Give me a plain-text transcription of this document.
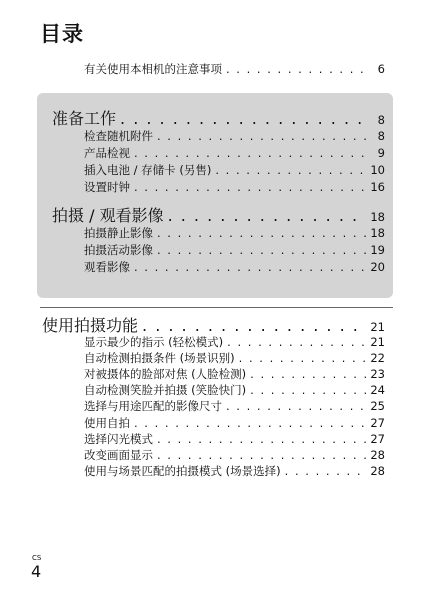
目录
有关使用本相机的注意事项 . . .	6
准备工作 . . .	8
检查随机附件 . . .	8
产品检视 . . .	9
插入电池 / 存储卡 (另售) . . .	10
设置时钟 . . .	16
拍摄 / 观看影像 . . .	18
拍摄静止影像 . . .	18
拍摄活动影像 . . .	19
观看影像 . . .	20
使用拍摄功能 . . .	21
显示最少的指示 (轻松模式) . . .	21
自动检测拍摄条件 (场景识别) . . .	22
对被摄体的脸部对焦 (人脸检测) . . .	23
自动检测笑脸并拍摄 (笑脸快门) . . .	24
选择与用途匹配的影像尺寸 . . .	25
使用自拍 . . .	27
选择闪光模式 . . .	27
改变画面显示 . . .	28
使用与场景匹配的拍摄模式 (场景选择) . . .	28
CS
4
